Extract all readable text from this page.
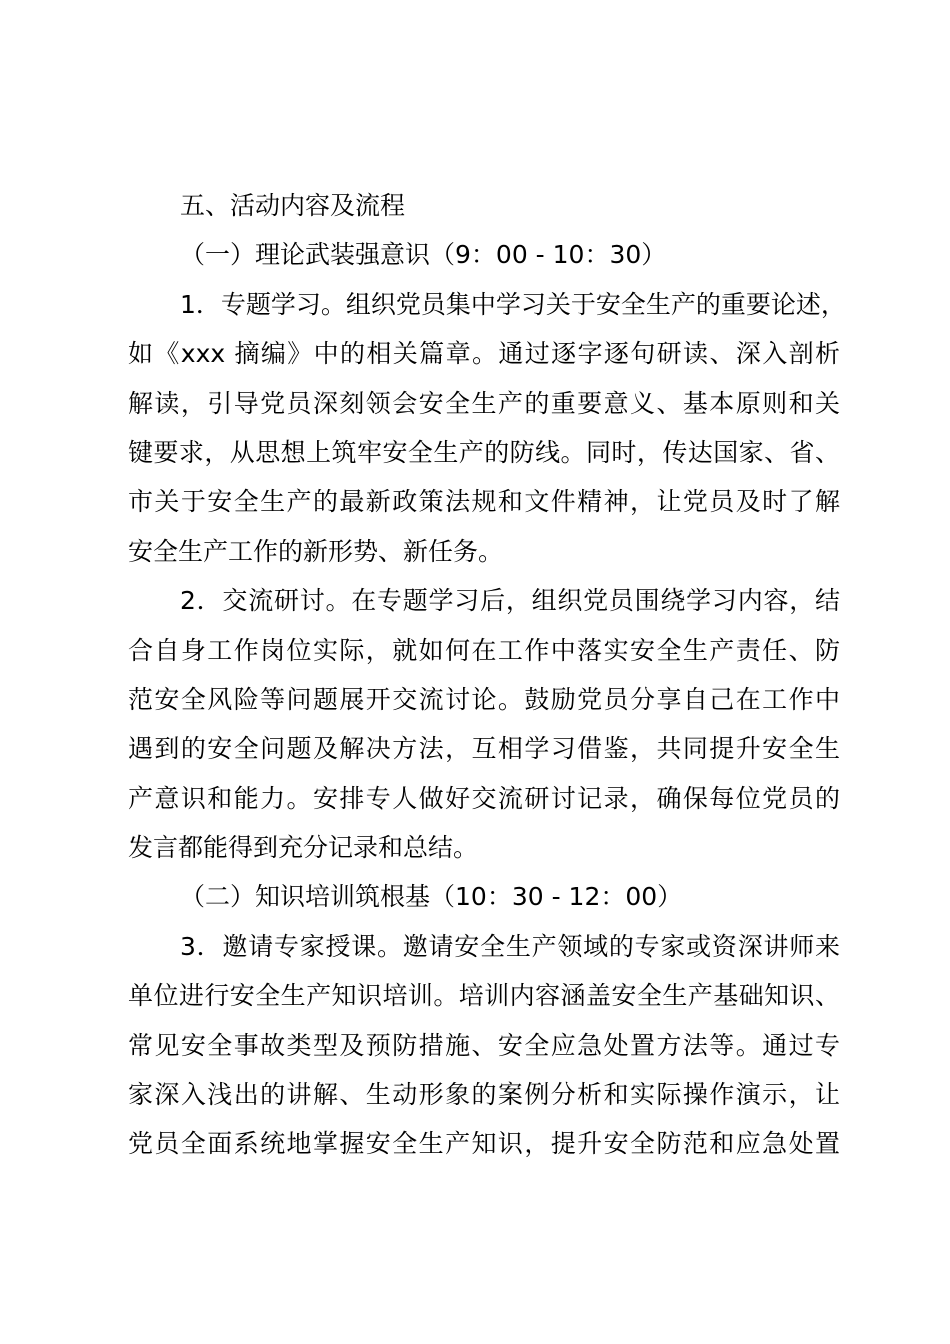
五、活动内容及流程
（一）理论武装强意识（9：00 - 10：30）
1．专题学习。组织党员集中学习关于安全生产的重要论述，
如《xxx 摘编》中的相关篇章。通过逐字逐句研读、深入剖析
解读，引导党员深刻领会安全生产的重要意义、基本原则和关
键要求，从思想上筑牢安全生产的防线。同时，传达国家、省、
市关于安全生产的最新政策法规和文件精神，让党员及时了解
安全生产工作的新形势、新任务。
2．交流研讨。在专题学习后，组织党员围绕学习内容，结
合自身工作岗位实际，就如何在工作中落实安全生产责任、防
范安全风险等问题展开交流讨论。鼓励党员分享自己在工作中
遇到的安全问题及解决方法，互相学习借鉴，共同提升安全生
产意识和能力。安排专人做好交流研讨记录，确保每位党员的
发言都能得到充分记录和总结。
（二）知识培训筑根基（10：30 - 12：00）
3．邀请专家授课。邀请安全生产领域的专家或资深讲师来
单位进行安全生产知识培训。培训内容涵盖安全生产基础知识、
常见安全事故类型及预防措施、安全应急处置方法等。通过专
家深入浅出的讲解、生动形象的案例分析和实际操作演示，让
党员全面系统地掌握安全生产知识，提升安全防范和应急处置
